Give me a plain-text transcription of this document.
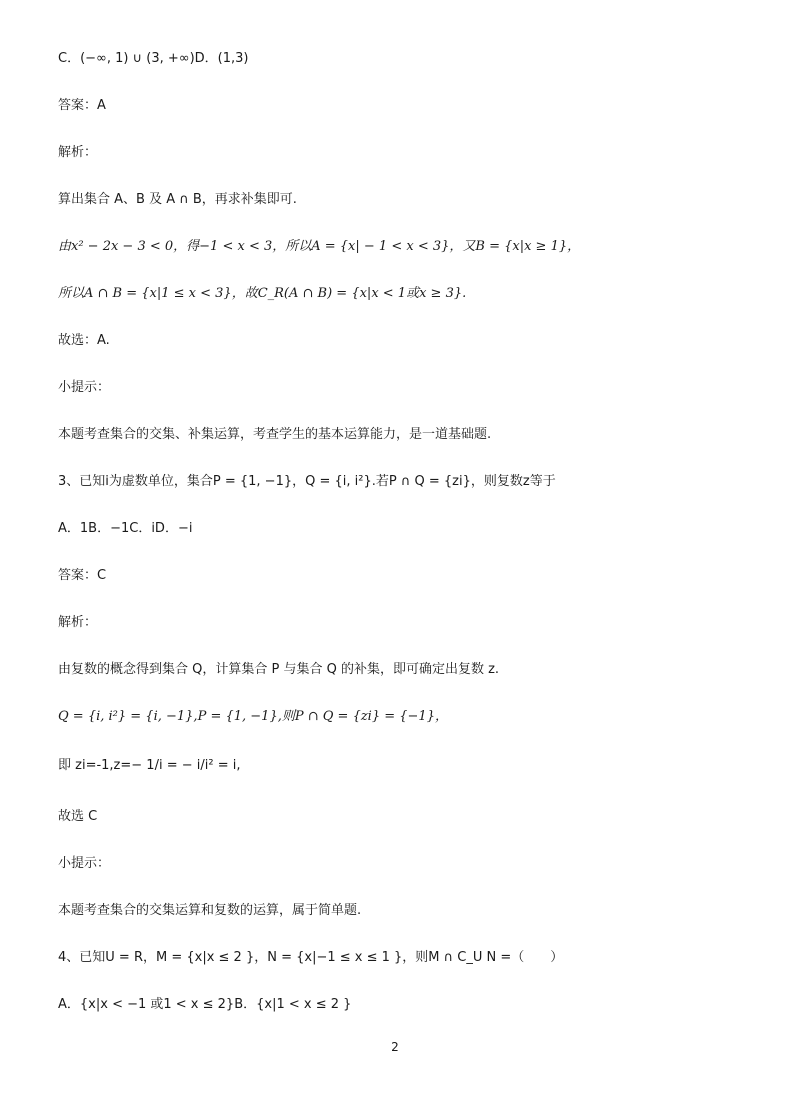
C．(−∞, 1) ∪ (3, +∞)D．(1,3)
答案：A
解析：
算出集合 A、B 及 A ∩ B，再求补集即可.
由x² − 2x − 3 < 0，得−1 < x < 3，所以A = {x| − 1 < x < 3}，又B = {x|x ≥ 1}，
所以A ∩ B = {x|1 ≤ x < 3}，故C_R(A ∩ B) = {x|x < 1或x ≥ 3}.
故选：A.
小提示：
本题考查集合的交集、补集运算，考查学生的基本运算能力，是一道基础题.
3、已知i为虚数单位，集合P = {1, −1}，Q = {i, i²}.若P ∩ Q = {zi}，则复数z等于
A．1B．−1C．iD．−i
答案：C
解析：
由复数的概念得到集合 Q，计算集合 P 与集合 Q 的补集，即可确定出复数 z.
Q = {i, i²} = {i, −1},P = {1, −1},则P ∩ Q = {zi} = {−1}，
即 zi=-1,z=− 1/i = − i/i² = i,
故选 C
小提示：
本题考查集合的交集运算和复数的运算，属于简单题.
4、已知U = R，M = {x|x ≤ 2 }，N = {x|−1 ≤ x ≤ 1 }，则M ∩ C_U N =（　　）
A．{x|x < −1 或1 < x ≤ 2}B．{x|1 < x ≤ 2 }
2
